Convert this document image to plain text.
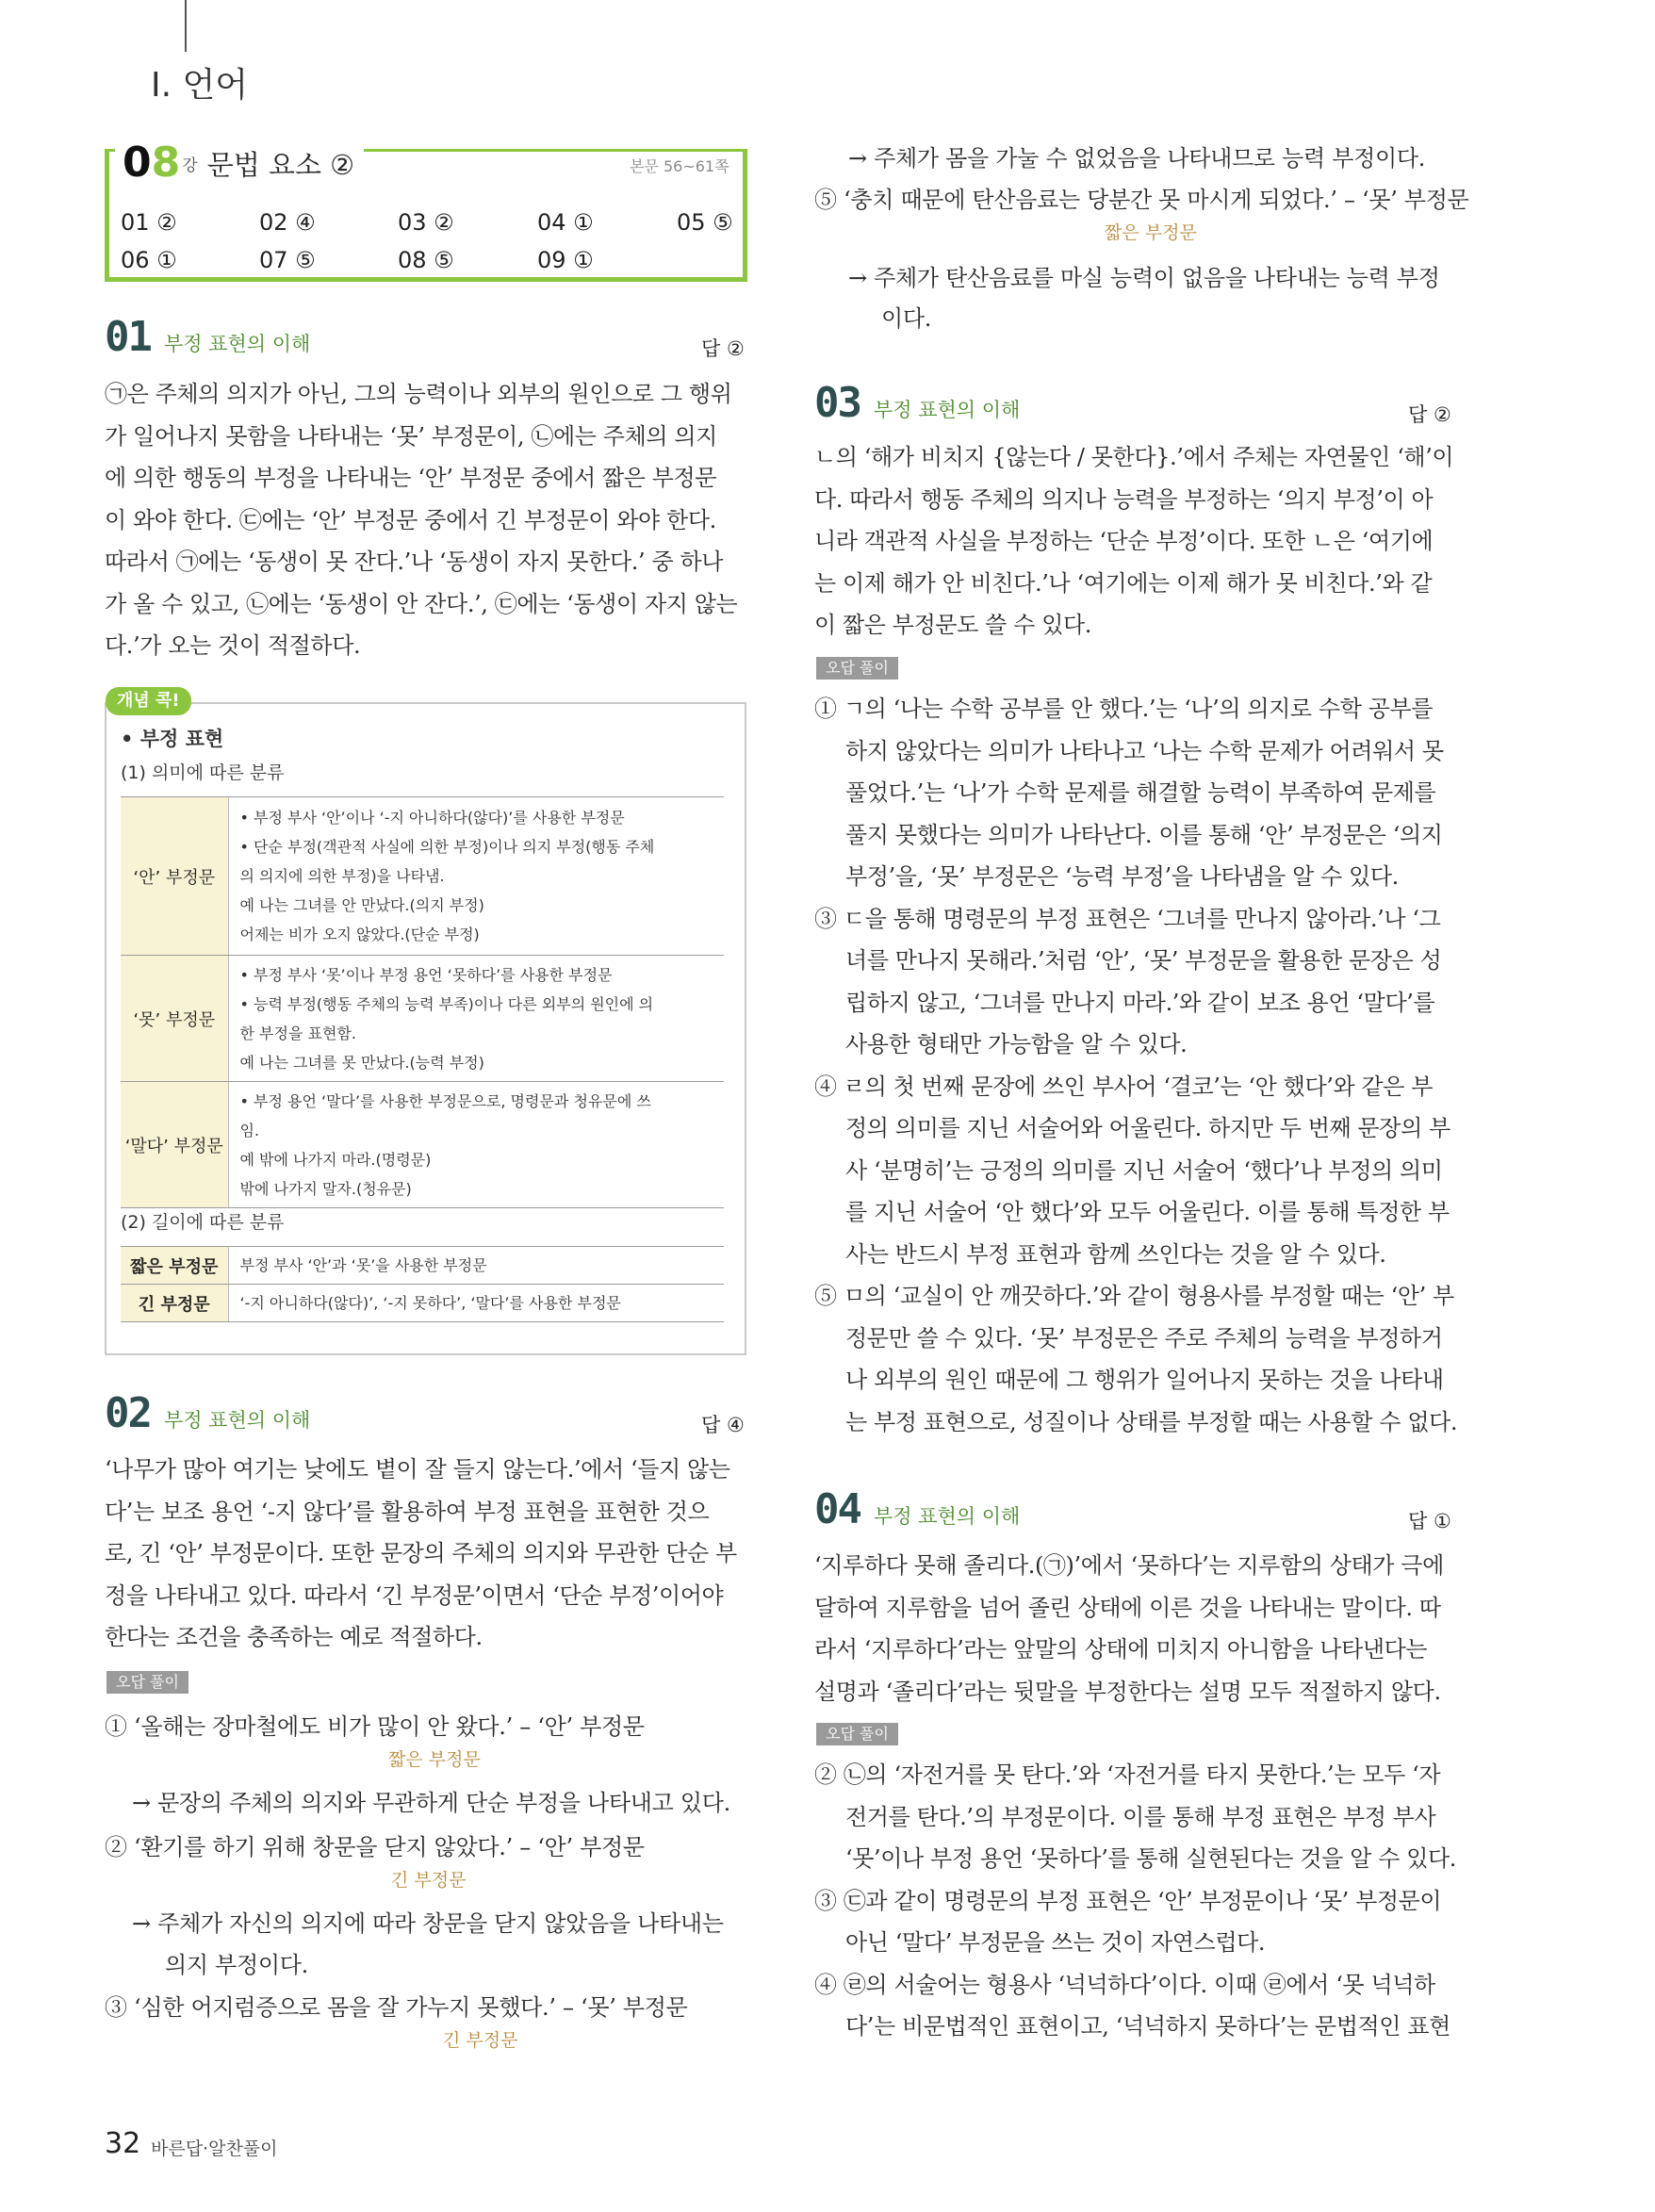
Ⅰ. 언어
08 강 문법 요소 ②	본문 56~61쪽
01 ②	02 ④	03 ②	04 ①	05 ⑤
06 ①	07 ⑤	08 ⑤	09 ①
01 부정 표현의 이해	답 ②
㉠은 주체의 의지가 아닌, 그의 능력이나 외부의 원인으로 그 행위
가 일어나지 못함을 나타내는 ‘못’ 부정문이, ㉡에는 주체의 의지
에 의한 행동의 부정을 나타내는 ‘안’ 부정문 중에서 짧은 부정문
이 와야 한다. ㉢에는 ‘안’ 부정문 중에서 긴 부정문이 와야 한다.
따라서 ㉠에는 ‘동생이 못 잔다.’나 ‘동생이 자지 못한다.’ 중 하나
가 올 수 있고, ㉡에는 ‘동생이 안 잔다.’, ㉢에는 ‘동생이 자지 않는
다.’가 오는 것이 적절하다.
개념 콕!
• 부정 표현
(1) 의미에 따른 분류
‘안’ 부정문	• 부정 부사 ‘안’이나 ‘-지 아니하다(않다)’를 사용한 부정문
• 단순 부정(객관적 사실에 의한 부정)이나 의지 부정(행동 주체
의 의지에 의한 부정)을 나타냄.
예 나는 그녀를 안 만났다.(의지 부정)
어제는 비가 오지 않았다.(단순 부정)

‘못’ 부정문	• 부정 부사 ‘못’이나 부정 용언 ‘못하다’를 사용한 부정문
• 능력 부정(행동 주체의 능력 부족)이나 다른 외부의 원인에 의
한 부정을 표현함.
예 나는 그녀를 못 만났다.(능력 부정)

‘말다’ 부정문	• 부정 용언 ‘말다’를 사용한 부정문으로, 명령문과 청유문에 쓰
임.
예 밖에 나가지 마라.(명령문)
밖에 나가지 말자.(청유문)
(2) 길이에 따른 분류
짧은 부정문	부정 부사 ‘안’과 ‘못’을 사용한 부정문
긴 부정문	‘-지 아니하다(않다)’, ‘-지 못하다’, ‘말다’를 사용한 부정문
02 부정 표현의 이해	답 ④
‘나무가 많아 여기는 낮에도 볕이 잘 들지 않는다.’에서 ‘들지 않는
다’는 보조 용언 ‘-지 않다’를 활용하여 부정 표현을 표현한 것으
로, 긴 ‘안’ 부정문이다. 또한 문장의 주체의 의지와 무관한 단순 부
정을 나타내고 있다. 따라서 ‘긴 부정문’이면서 ‘단순 부정’이어야
한다는 조건을 충족하는 예로 적절하다.
오답 풀이
① ‘올해는 장마철에도 비가 많이 안 왔다.’ – ‘안’ 부정문
짧은 부정문
→ 문장의 주체의 의지와 무관하게 단순 부정을 나타내고 있다.
② ‘환기를 하기 위해 창문을 닫지 않았다.’ – ‘안’ 부정문
긴 부정문
→ 주체가 자신의 의지에 따라 창문을 닫지 않았음을 나타내는
의지 부정이다.
③ ‘심한 어지럼증으로 몸을 잘 가누지 못했다.’ – ‘못’ 부정문
긴 부정문
→ 주체가 몸을 가눌 수 없었음을 나타내므로 능력 부정이다.
⑤ ‘충치 때문에 탄산음료는 당분간 못 마시게 되었다.’ – ‘못’ 부정문
짧은 부정문
→ 주체가 탄산음료를 마실 능력이 없음을 나타내는 능력 부정
이다.
03 부정 표현의 이해	답 ②
ㄴ의 ‘해가 비치지 {않는다 / 못한다}.’에서 주체는 자연물인 ‘해’이
다. 따라서 행동 주체의 의지나 능력을 부정하는 ‘의지 부정’이 아
니라 객관적 사실을 부정하는 ‘단순 부정’이다. 또한 ㄴ은 ‘여기에
는 이제 해가 안 비친다.’나 ‘여기에는 이제 해가 못 비친다.’와 같
이 짧은 부정문도 쓸 수 있다.
오답 풀이
① ㄱ의 ‘나는 수학 공부를 안 했다.’는 ‘나’의 의지로 수학 공부를
하지 않았다는 의미가 나타나고 ‘나는 수학 문제가 어려워서 못
풀었다.’는 ‘나’가 수학 문제를 해결할 능력이 부족하여 문제를
풀지 못했다는 의미가 나타난다. 이를 통해 ‘안’ 부정문은 ‘의지
부정’을, ‘못’ 부정문은 ‘능력 부정’을 나타냄을 알 수 있다.
③ ㄷ을 통해 명령문의 부정 표현은 ‘그녀를 만나지 않아라.’나 ‘그
녀를 만나지 못해라.’처럼 ‘안’, ‘못’ 부정문을 활용한 문장은 성
립하지 않고, ‘그녀를 만나지 마라.’와 같이 보조 용언 ‘말다’를
사용한 형태만 가능함을 알 수 있다.
④ ㄹ의 첫 번째 문장에 쓰인 부사어 ‘결코’는 ‘안 했다’와 같은 부
정의 의미를 지닌 서술어와 어울린다. 하지만 두 번째 문장의 부
사 ‘분명히’는 긍정의 의미를 지닌 서술어 ‘했다’나 부정의 의미
를 지닌 서술어 ‘안 했다’와 모두 어울린다. 이를 통해 특정한 부
사는 반드시 부정 표현과 함께 쓰인다는 것을 알 수 있다.
⑤ ㅁ의 ‘교실이 안 깨끗하다.’와 같이 형용사를 부정할 때는 ‘안’ 부
정문만 쓸 수 있다. ‘못’ 부정문은 주로 주체의 능력을 부정하거
나 외부의 원인 때문에 그 행위가 일어나지 못하는 것을 나타내
는 부정 표현으로, 성질이나 상태를 부정할 때는 사용할 수 없다.
04 부정 표현의 이해	답 ①
‘지루하다 못해 졸리다.(㉠)’에서 ‘못하다’는 지루함의 상태가 극에
달하여 지루함을 넘어 졸린 상태에 이른 것을 나타내는 말이다. 따
라서 ‘지루하다’라는 앞말의 상태에 미치지 아니함을 나타낸다는
설명과 ‘졸리다’라는 뒷말을 부정한다는 설명 모두 적절하지 않다.
오답 풀이
② ㉡의 ‘자전거를 못 탄다.’와 ‘자전거를 타지 못한다.’는 모두 ‘자
전거를 탄다.’의 부정문이다. 이를 통해 부정 표현은 부정 부사
‘못’이나 부정 용언 ‘못하다’를 통해 실현된다는 것을 알 수 있다.
③ ㉢과 같이 명령문의 부정 표현은 ‘안’ 부정문이나 ‘못’ 부정문이
아닌 ‘말다’ 부정문을 쓰는 것이 자연스럽다.
④ ㉣의 서술어는 형용사 ‘넉넉하다’이다. 이때 ㉣에서 ‘못 넉넉하
다’는 비문법적인 표현이고, ‘넉넉하지 못하다’는 문법적인 표현
32 바른답·알찬풀이
